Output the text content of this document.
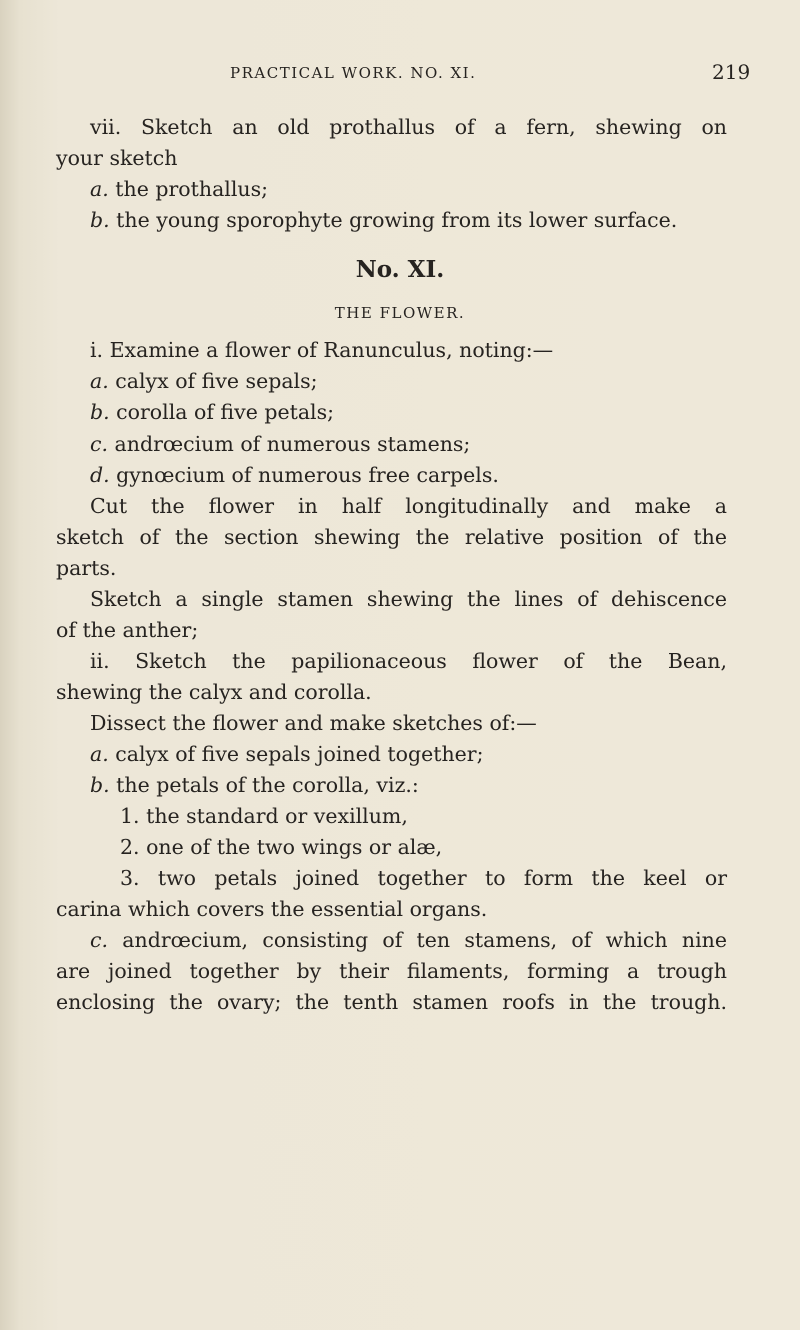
PRACTICAL WORK. NO. XI.	219
vii. Sketch an old prothallus of a fern, shewing on
your sketch
a. the prothallus;
b. the young sporophyte growing from its lower surface.
No. XI.
THE FLOWER.
i. Examine a flower of Ranunculus, noting:—
a. calyx of five sepals;
b. corolla of five petals;
c. andrœcium of numerous stamens;
d. gynœcium of numerous free carpels.
Cut the flower in half longitudinally and make a
sketch of the section shewing the relative position of the
parts.
Sketch a single stamen shewing the lines of dehiscence
of the anther;
ii. Sketch the papilionaceous flower of the Bean,
shewing the calyx and corolla.
Dissect the flower and make sketches of:—
a. calyx of five sepals joined together;
b. the petals of the corolla, viz.:
1. the standard or vexillum,
2. one of the two wings or alæ,
3. two petals joined together to form the keel or
carina which covers the essential organs.
c. andrœcium, consisting of ten stamens, of which nine
are joined together by their filaments, forming a trough
enclosing the ovary; the tenth stamen roofs in the trough.
